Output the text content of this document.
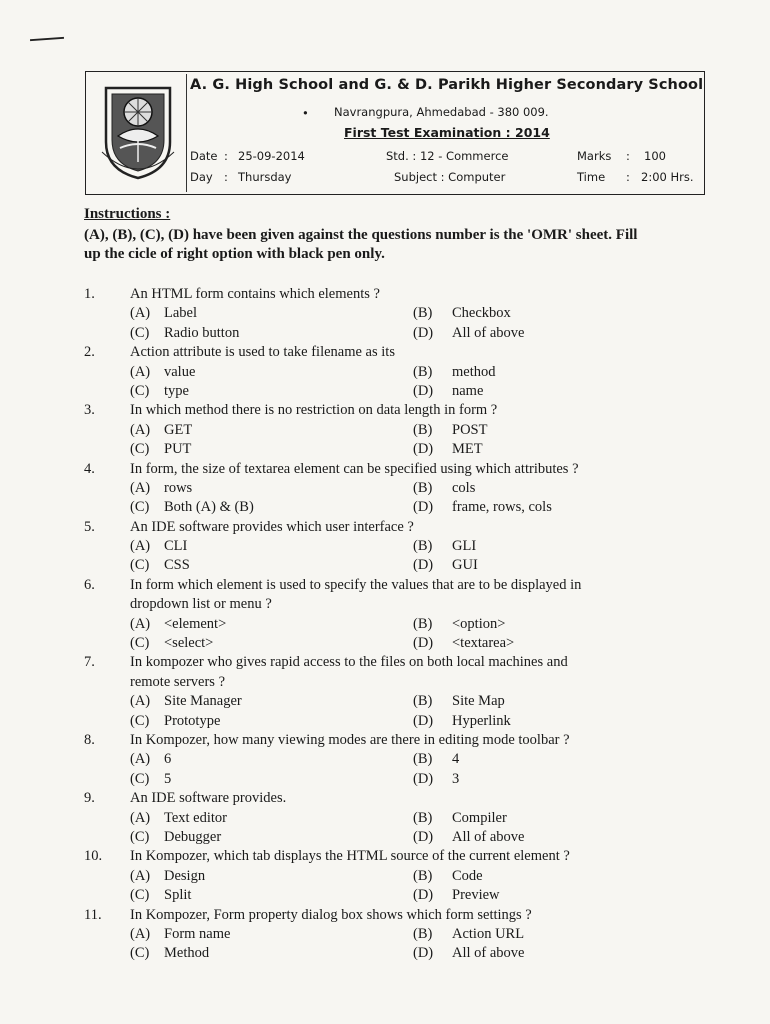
A. G. High School and G. & D. Parikh Higher Secondary School
• Navrangpura, Ahmedabad - 380 009.
First Test Examination : 2014
Date : 25-09-2014	Std. : 12 - Commerce	Marks : 100
Day : Thursday	Subject : Computer	Time : 2:00 Hrs.
Instructions :
(A), (B), (C), (D) have been given against the questions number is the 'OMR' sheet. Fill up the cicle of right option with black pen only.
1. An HTML form contains which elements ?
(A) Label	(B) Checkbox
(C) Radio button	(D) All of above
2. Action attribute is used to take filename as its
(A) value	(B) method
(C) type	(D) name
3. In which method there is no restriction on data length in form ?
(A) GET	(B) POST
(C) PUT	(D) MET
4. In form, the size of textarea element can be specified using which attributes ?
(A) rows	(B) cols
(C) Both (A) & (B)	(D) frame, rows, cols
5. An IDE software provides which user interface ?
(A) CLI	(B) GLI
(C) CSS	(D) GUI
6. In form which element is used to specify the values that are to be displayed in
dropdown list or menu ?
(A) <element>	(B) <option>
(C) <select>	(D) <textarea>
7. In kompozer who gives rapid access to the files on both local machines and
remote servers ?
(A) Site Manager	(B) Site Map
(C) Prototype	(D) Hyperlink
8. In Kompozer, how many viewing modes are there in editing mode toolbar ?
(A) 6	(B) 4
(C) 5	(D) 3
9. An IDE software provides.
(A) Text editor	(B) Compiler
(C) Debugger	(D) All of above
10. In Kompozer, which tab displays the HTML source of the current element ?
(A) Design	(B) Code
(C) Split	(D) Preview
11. In Kompozer, Form property dialog box shows which form settings ?
(A) Form name	(B) Action URL
(C) Method	(D) All of above
